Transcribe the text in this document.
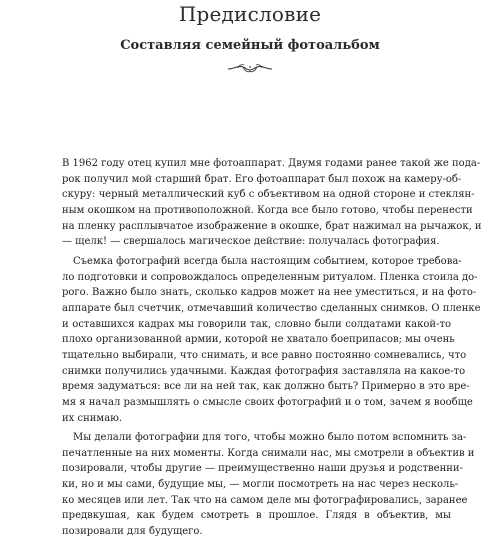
Предисловие
Составляя семейный фотоальбом
В 1962 году отец купил мне фотоаппарат. Двумя годами ранее такой же пода-
рок получил мой старший брат. Его фотоаппарат был похож на камеру-об-
скуру: черный металлический куб с объективом на одной стороне и стеклян-
ным окошком на противоположной. Когда все было готово, чтобы перенести
на пленку расплывчатое изображение в окошке, брат нажимал на рычажок, и
— щелк! — свершалось магическое действие: получалась фотография.
Съемка фотографий всегда была настоящим событием, которое требова-
ло подготовки и сопровождалось определенным ритуалом. Пленка стоила до-
рого. Важно было знать, сколько кадров может на нее уместиться, и на фото-
аппарате был счетчик, отмечавший количество сделанных снимков. О пленке
и оставшихся кадрах мы говорили так, словно были солдатами какой-то
плохо организованной армии, которой не хватало боеприпасов; мы очень
тщательно выбирали, что снимать, и все равно постоянно сомневались, что
снимки получились удачными. Каждая фотография заставляла на какое-то
время задуматься: все ли на ней так, как должно быть? Примерно в это вре-
мя я начал размышлять о смысле своих фотографий и о том, зачем я вообще
их снимаю.
Мы делали фотографии для того, чтобы можно было потом вспомнить за-
печатленные на них моменты. Когда снимали нас, мы смотрели в объектив и
позировали, чтобы другие — преимущественно наши друзья и родственни-
ки, но и мы сами, будущие мы, — могли посмотреть на нас через несколь-
ко месяцев или лет. Так что на самом деле мы фотографировались, заранее
предвкушая, как будем смотреть в прошлое. Глядя в объектив, мы
позировали для будущего.
